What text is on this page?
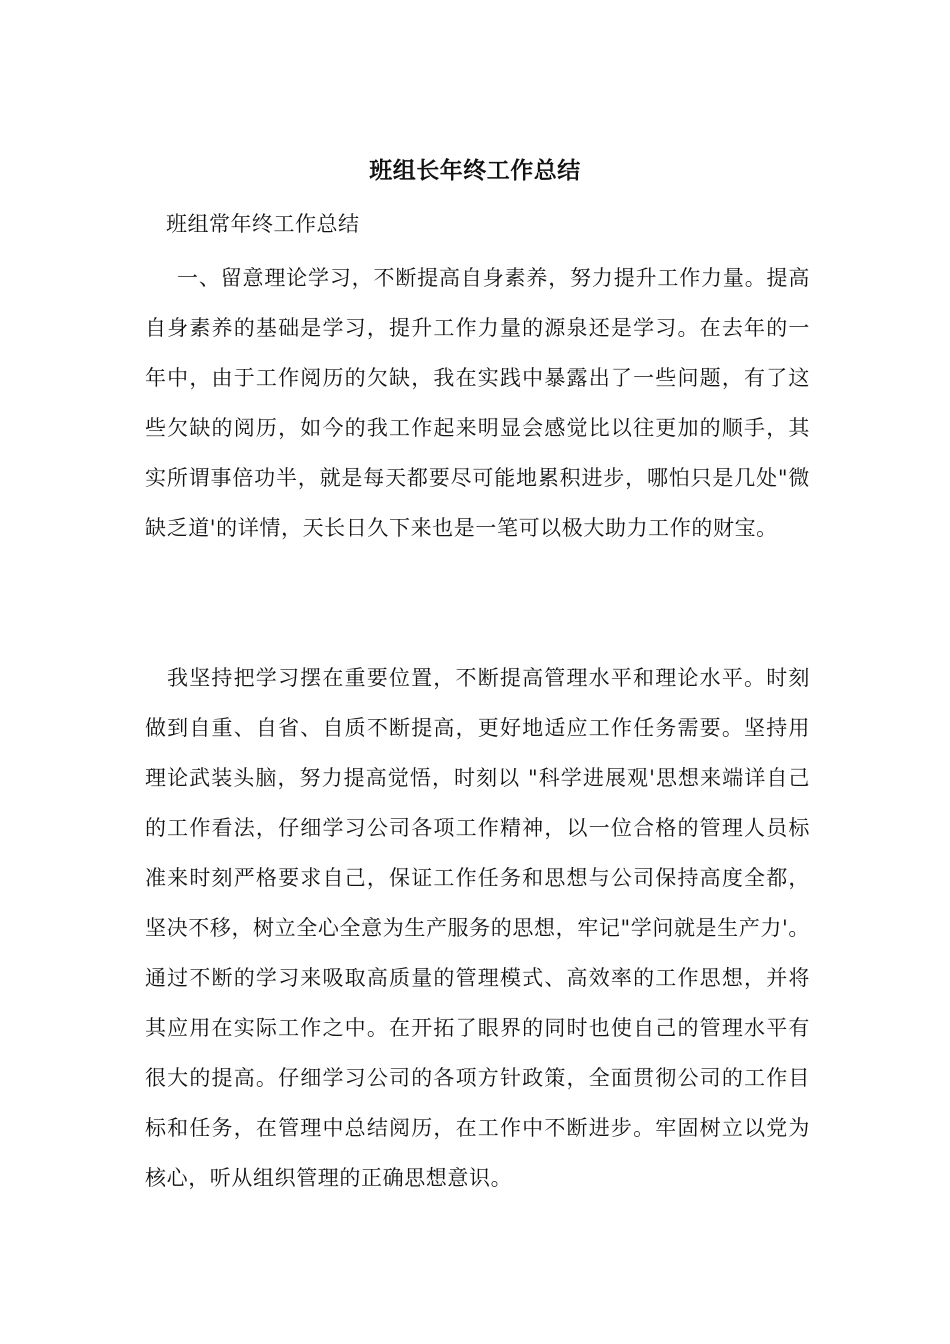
班组长年终工作总结
班组常年终工作总结

一、留意理论学习，不断提高自身素养，努力提升工作力量。提高自身素养的基础是学习，提升工作力量的源泉还是学习。在去年的一年中，由于工作阅历的欠缺，我在实践中暴露出了一些问题，有了这些欠缺的阅历，如今的我工作起来明显会感觉比以往更加的顺手，其实所谓事倍功半，就是每天都要尽可能地累积进步，哪怕只是几处"微缺乏道'的详情，天长日久下来也是一笔可以极大助力工作的财宝。

我坚持把学习摆在重要位置，不断提高管理水平和理论水平。时刻做到自重、自省、自质不断提高，更好地适应工作任务需要。坚持用理论武装头脑，努力提高觉悟，时刻以 "科学进展观'思想来端详自己的工作看法，仔细学习公司各项工作精神，以一位合格的管理人员标准来时刻严格要求自己，保证工作任务和思想与公司保持高度全都，坚决不移，树立全心全意为生产服务的思想，牢记"学问就是生产力'。通过不断的学习来吸取高质量的管理模式、高效率的工作思想，并将其应用在实际工作之中。在开拓了眼界的同时也使自己的管理水平有很大的提高。仔细学习公司的各项方针政策，全面贯彻公司的工作目标和任务，在管理中总结阅历，在工作中不断进步。牢固树立以党为核心，听从组织管理的正确思想意识。
